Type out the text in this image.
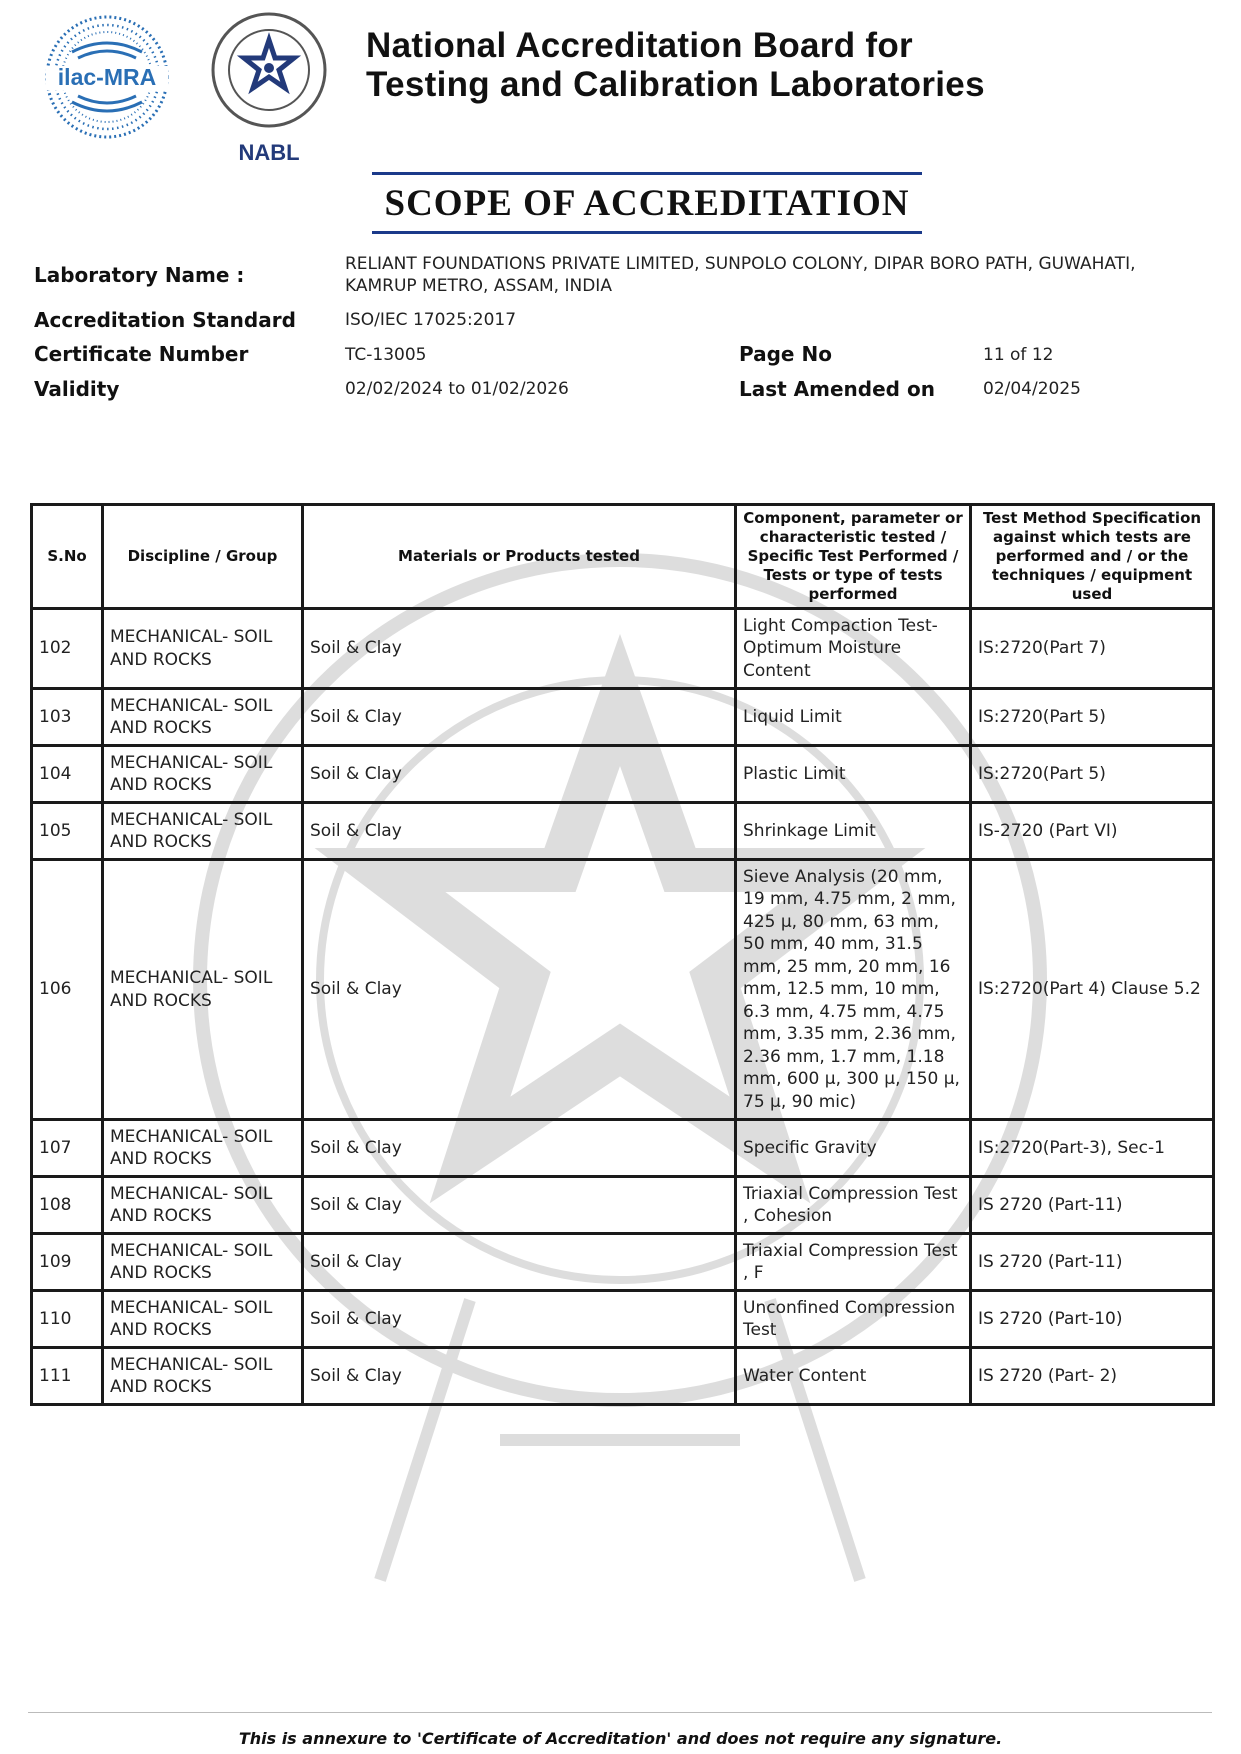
ilac-MRA
NABL
National Accreditation Board for
Testing and Calibration Laboratories
SCOPE OF ACCREDITATION
Laboratory Name :	RELIANT FOUNDATIONS PRIVATE LIMITED, SUNPOLO COLONY, DIPAR BORO PATH, GUWAHATI,
KAMRUP METRO, ASSAM, INDIA
Accreditation Standard	ISO/IEC 17025:2017
Certificate Number	TC-13005	Page No	11 of 12
Validity	02/02/2024 to 01/02/2026	Last Amended on	02/04/2025
S.No	Discipline / Group	Materials or Products tested	Component, parameter or characteristic tested / Specific Test Performed / Tests or type of tests performed	Test Method Specification against which tests are performed and / or the techniques / equipment used
102	MECHANICAL- SOIL AND ROCKS	Soil & Clay	Light Compaction Test- Optimum Moisture Content	IS:2720(Part 7)
103	MECHANICAL- SOIL AND ROCKS	Soil & Clay	Liquid Limit	IS:2720(Part 5)
104	MECHANICAL- SOIL AND ROCKS	Soil & Clay	Plastic Limit	IS:2720(Part 5)
105	MECHANICAL- SOIL AND ROCKS	Soil & Clay	Shrinkage Limit	IS-2720 (Part VI)
106	MECHANICAL- SOIL AND ROCKS	Soil & Clay	Sieve Analysis (20 mm, 19 mm, 4.75 mm, 2 mm, 425 µ, 80 mm, 63 mm, 50 mm, 40 mm, 31.5 mm, 25 mm, 20 mm, 16 mm, 12.5 mm, 10 mm, 6.3 mm, 4.75 mm, 4.75 mm, 3.35 mm, 2.36 mm, 2.36 mm, 1.7 mm, 1.18 mm, 600 µ, 300 µ, 150 µ, 75 µ, 90 mic)	IS:2720(Part 4) Clause 5.2
107	MECHANICAL- SOIL AND ROCKS	Soil & Clay	Specific Gravity	IS:2720(Part-3), Sec-1
108	MECHANICAL- SOIL AND ROCKS	Soil & Clay	Triaxial Compression Test , Cohesion	IS 2720 (Part-11)
109	MECHANICAL- SOIL AND ROCKS	Soil & Clay	Triaxial Compression Test , F	IS 2720 (Part-11)
110	MECHANICAL- SOIL AND ROCKS	Soil & Clay	Unconfined Compression Test	IS 2720 (Part-10)
111	MECHANICAL- SOIL AND ROCKS	Soil & Clay	Water Content	IS 2720 (Part- 2)
This is annexure to 'Certificate of Accreditation' and does not require any signature.
